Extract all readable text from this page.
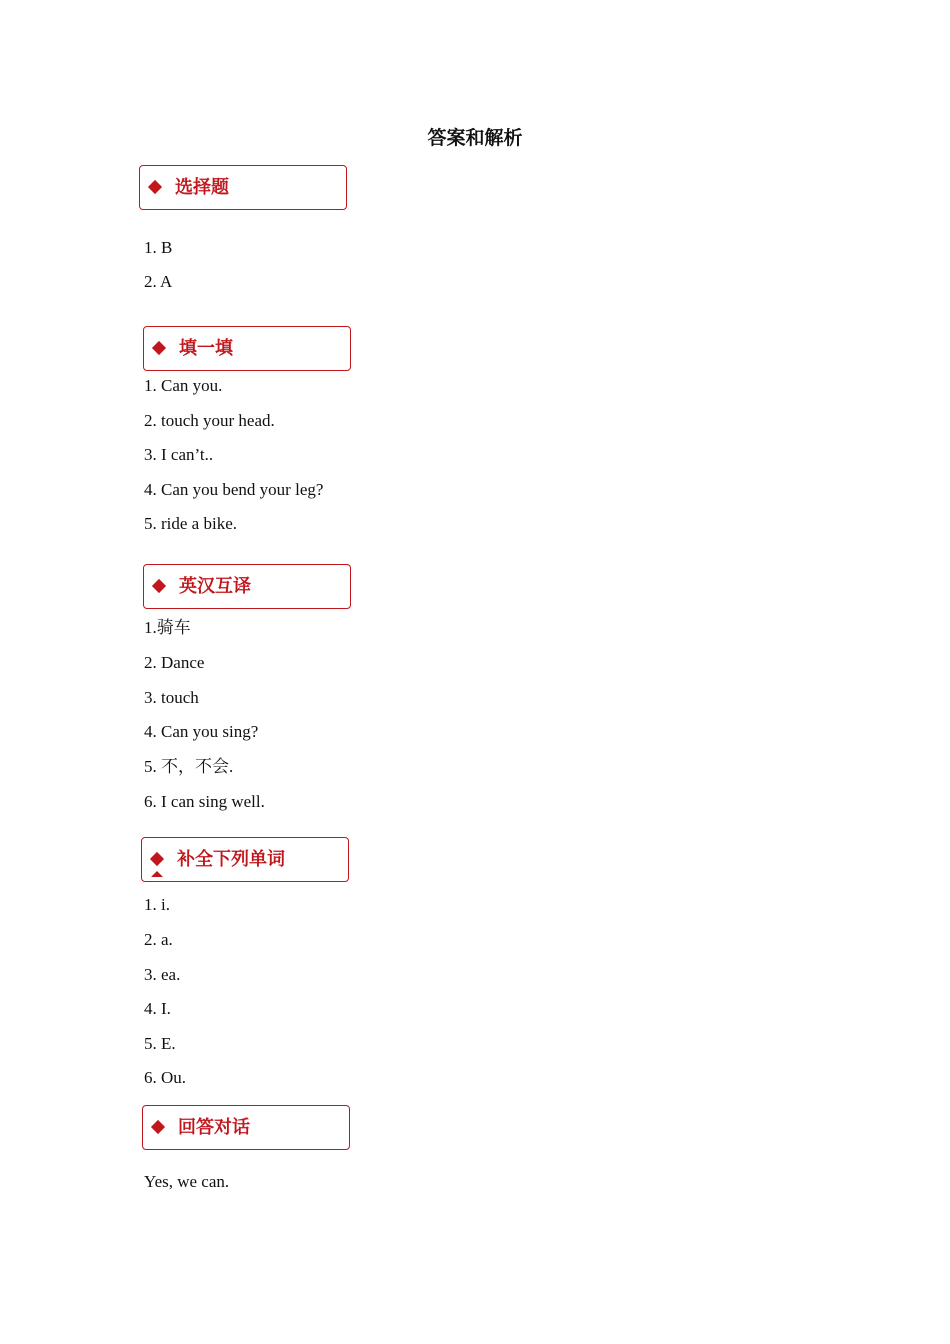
答案和解析
选择题
1. B
2. A
填一填
1. Can you.
2. touch your head.
3. I can’t..
4. Can you bend your leg?
5. ride a bike.
英汉互译
1.骑车
2. Dance
3. touch
4. Can you sing?
5. 不，不会.
6. I can sing well.
补全下列单词
1. i.
2. a.
3. ea.
4. I.
5. E.
6. Ou.
回答对话
Yes, we can.
